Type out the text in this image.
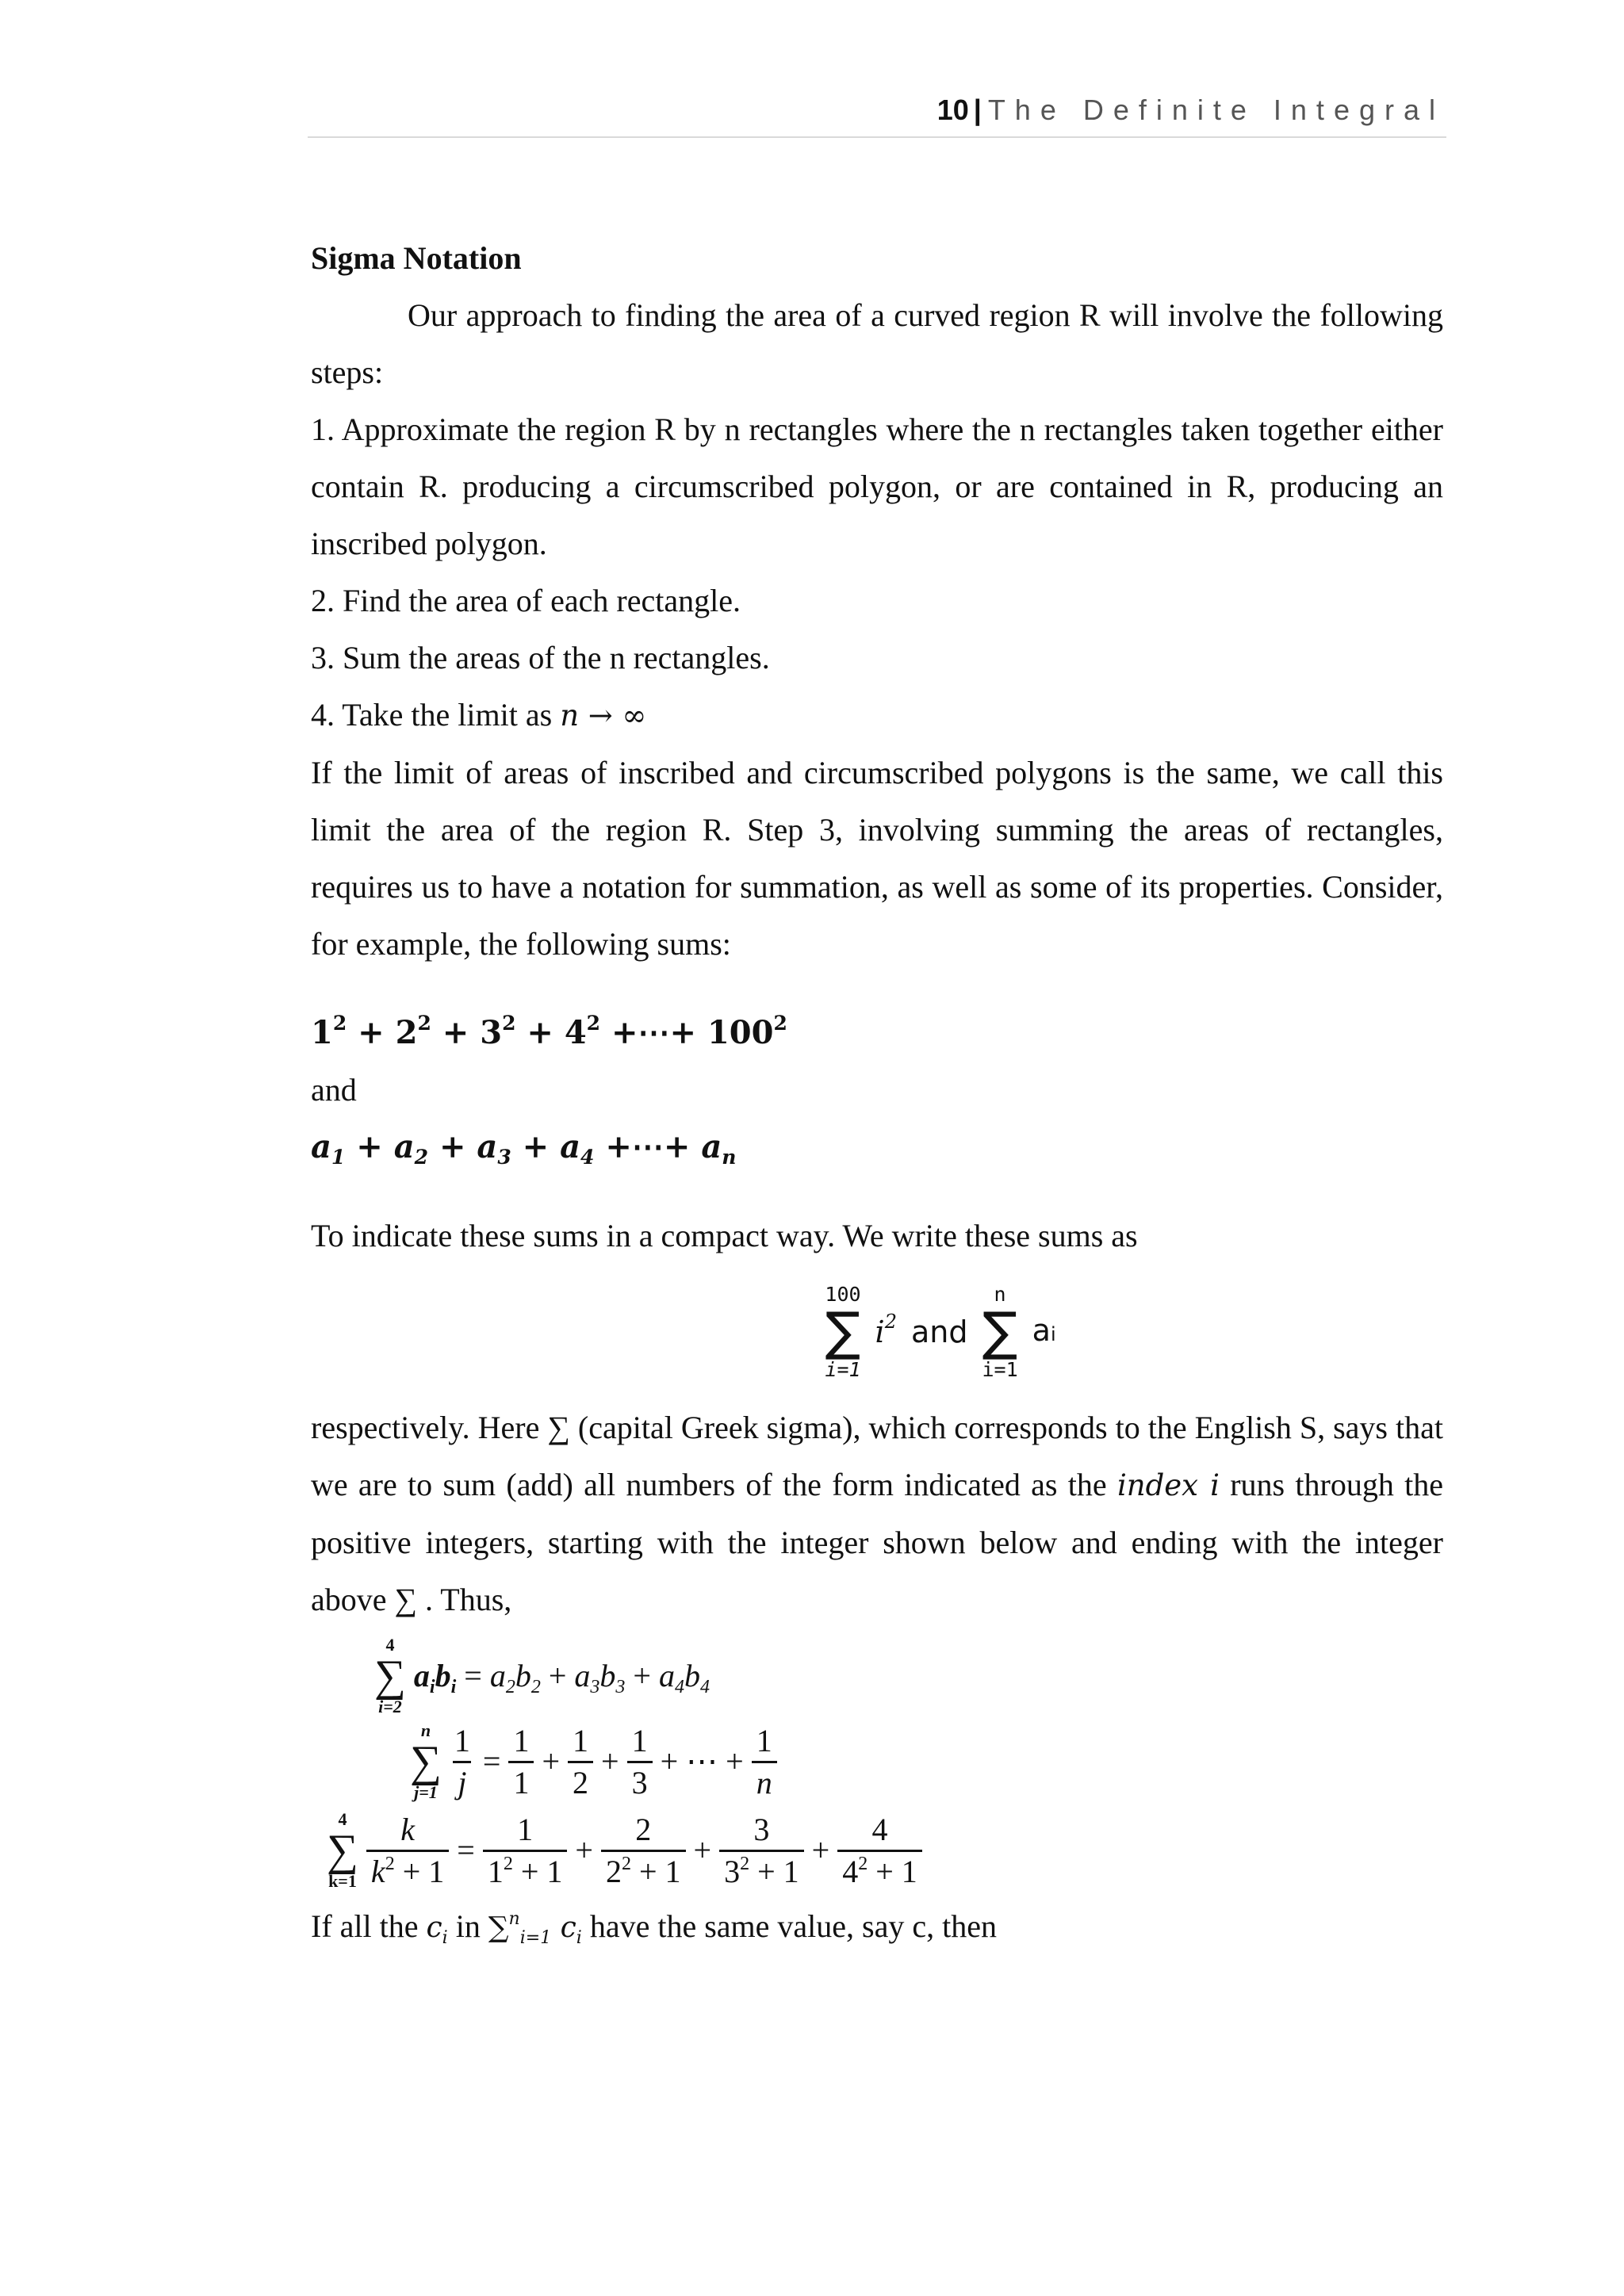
10 | The Definite Integral

Sigma Notation

Our approach to finding the area of a curved region R will involve the following steps:

1. Approximate the region R by n rectangles where the n rectangles taken together either contain R. producing a circumscribed polygon, or are contained in R, producing an inscribed polygon.

2. Find the area of each rectangle.

3. Sum the areas of the n rectangles.

4. Take the limit as n → ∞

If the limit of areas of inscribed and circumscribed polygons is the same, we call this limit the area of the region R. Step 3, involving summing the areas of rectangles, requires us to have a notation for summation, as well as some of its properties. Consider, for example, the following sums:

$1^2 + 2^2 + 3^2 + 4^2$ +⋯+ $100^2$

and

$a_1 + a_2 + a_3 + a_4$ +⋯+ $a_n$

To indicate these sums in a compact way. We write these sums as

100
∑
i=1
$i^2$ and
n
∑
i=1
ai

respectively. Here ∑ (capital Greek sigma), which corresponds to the English S, says that we are to sum (add) all numbers of the form indicated as the index i runs through the positive integers, starting with the integer shown below and ending with the integer above ∑ . Thus,

4
∑
i=2
$a_ib_i = a_2b_2 + a_3b_3 + a_4b_4$
n
∑
$j=1 \frac{1}{j} = \frac{1}{1} + \frac{1}{2} + \frac{1}{3}$ + ⋯ + $\frac{1}{n}$
4
∑
$k=1 \frac{k}{k^2 + 1} = \frac{1}{1^2 + 1} + \frac{2}{2^2 + 1} + \frac{3}{3^2 + 1} + \frac{4}{4^2 + 1}$

If all the $c_i$ in ∑$^n_{i=1}$ $c_i$ have the same value, say c, then
